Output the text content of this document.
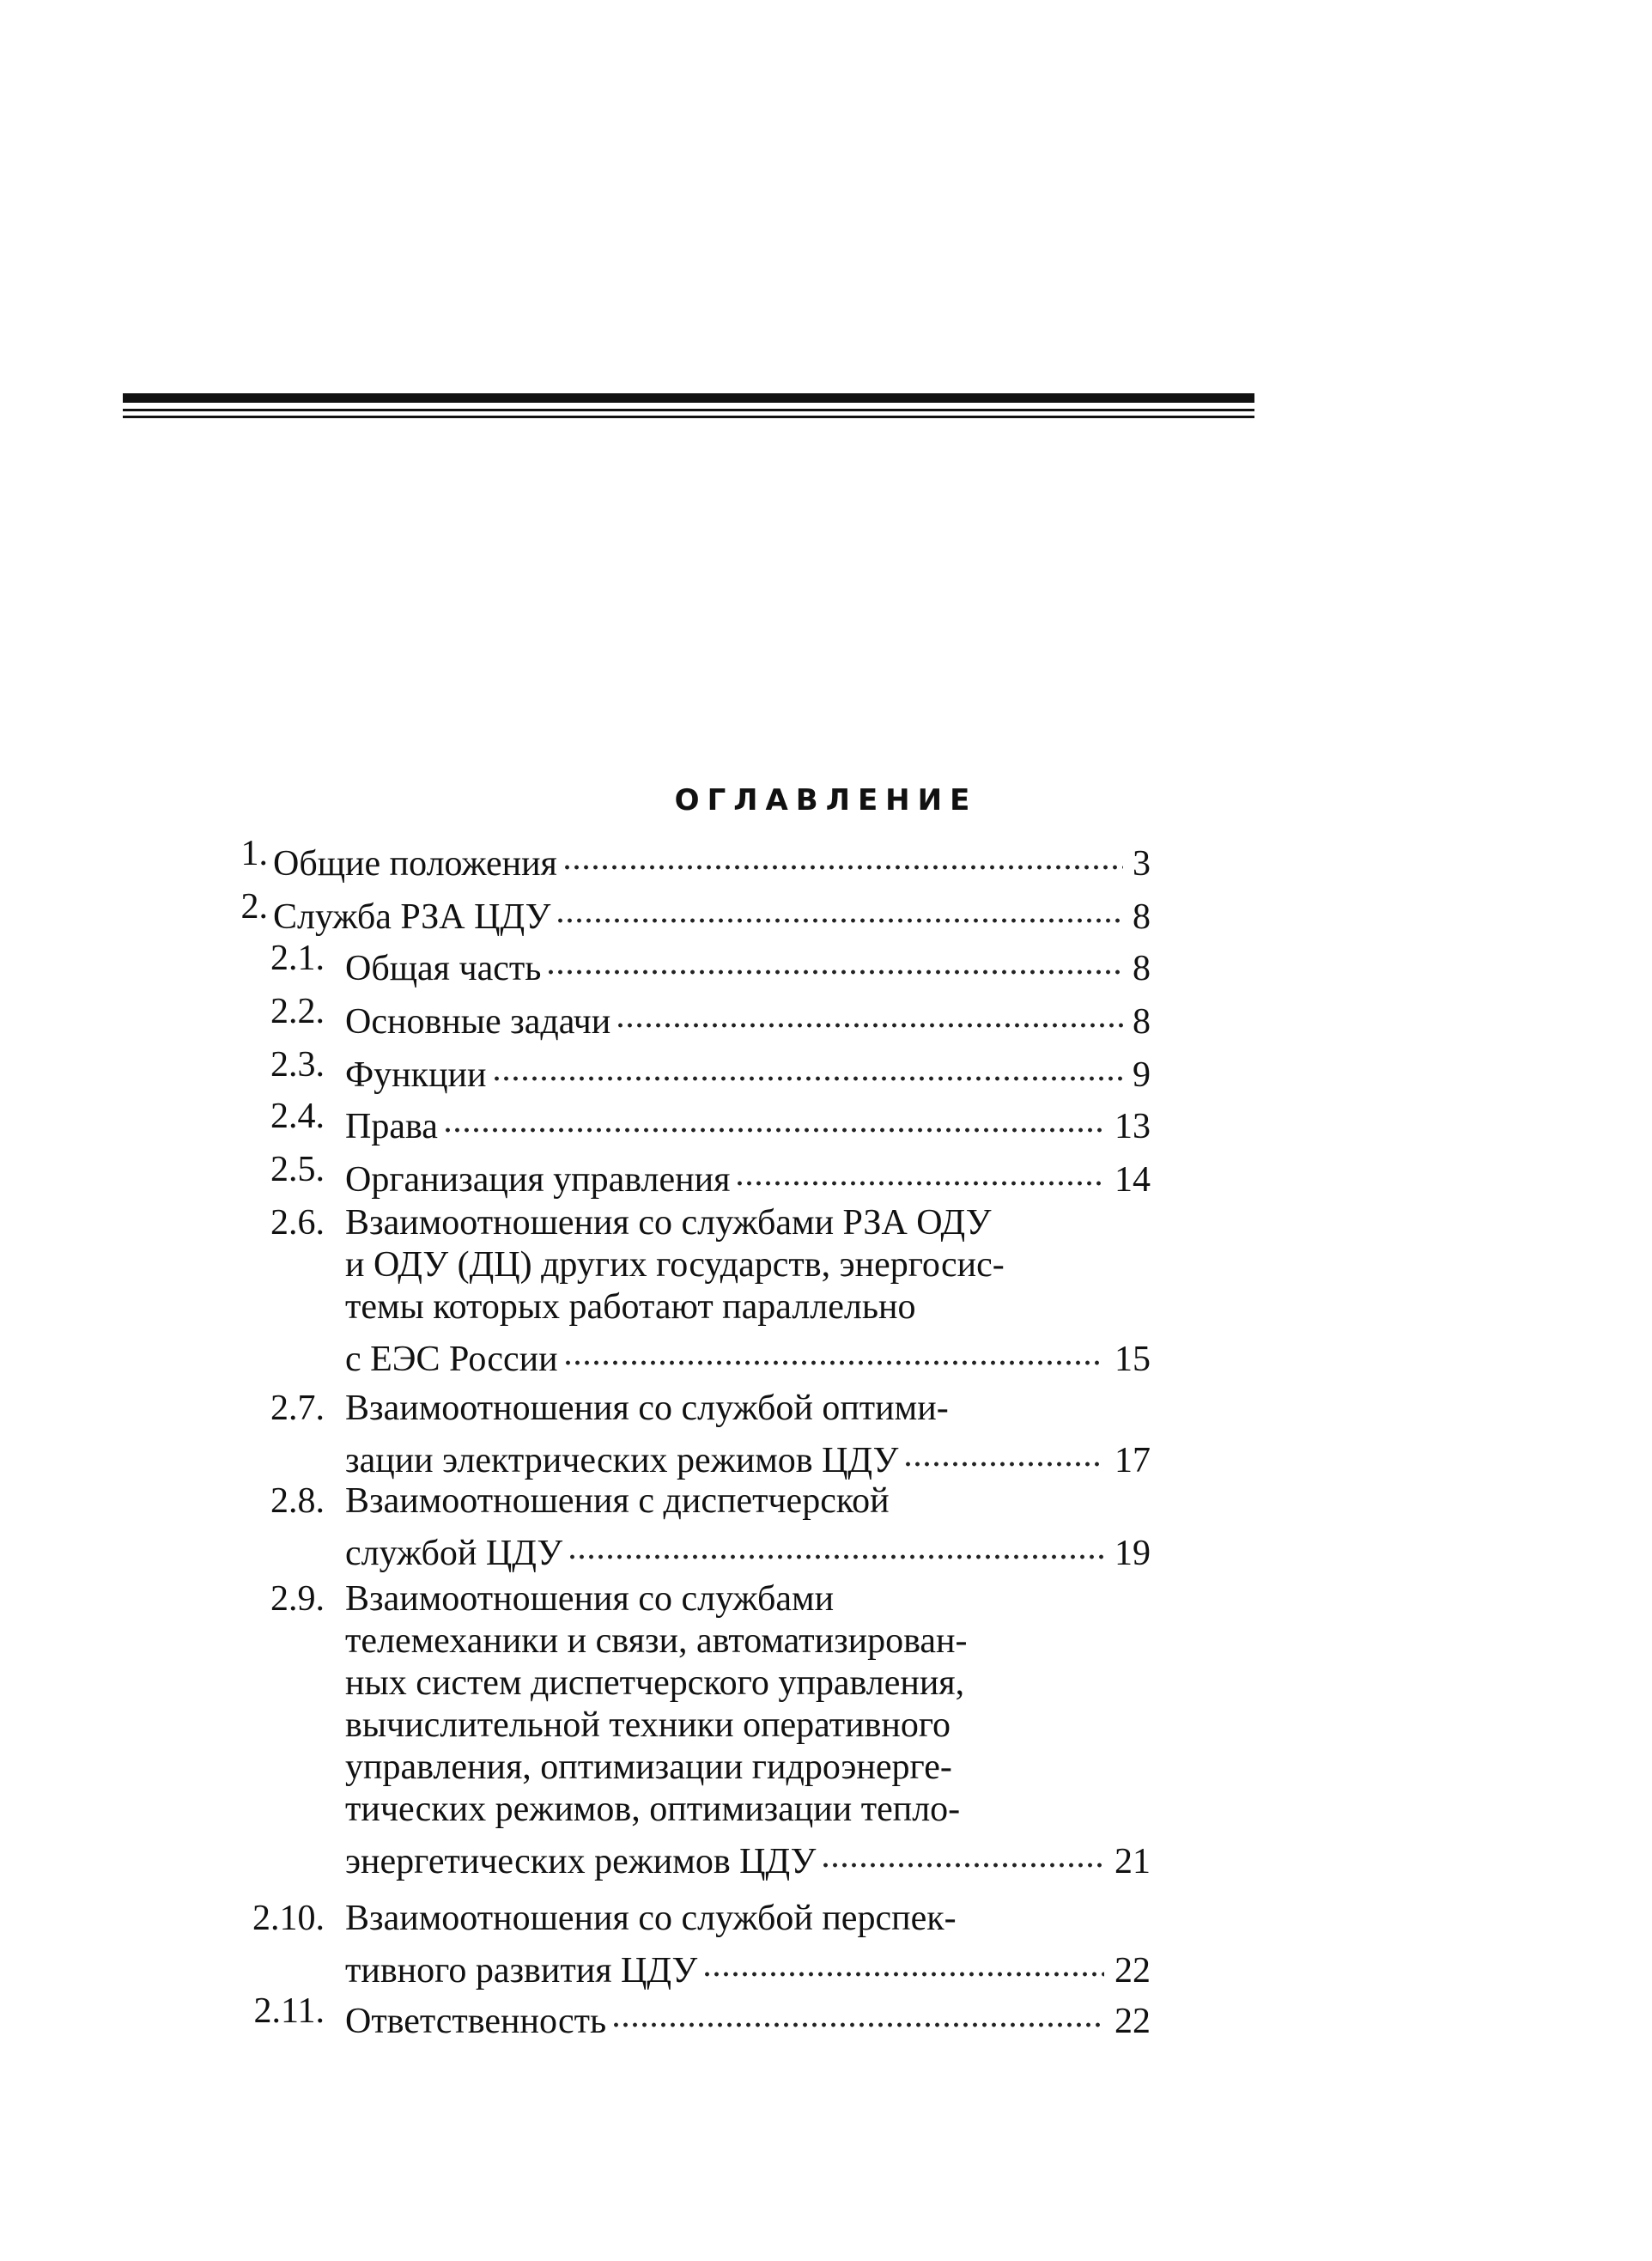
ОГЛАВЛЕНИЕ
1. Общие положения	3
2. Служба РЗА ЦДУ	8
2.1. Общая часть	8
2.2. Основные задачи	8
2.3. Функции	9
2.4. Права	13
2.5. Организация управления	14
2.6. Взаимоотношения со службами РЗА ОДУ
и ОДУ (ДЦ) других государств, энергосис-
темы которых работают параллельно
с ЕЭС России	15
2.7. Взаимоотношения со службой оптими-
зации электрических режимов ЦДУ	17
2.8. Взаимоотношения с диспетчерской
службой ЦДУ	19
2.9. Взаимоотношения со службами
телемеханики и связи, автоматизирован-
ных систем диспетчерского управления,
вычислительной техники оперативного
управления, оптимизации гидроэнерге-
тических режимов, оптимизации тепло-
энергетических режимов ЦДУ	21
2.10. Взаимоотношения со службой перспек-
тивного развития ЦДУ	22
2.11. Ответственность	22
